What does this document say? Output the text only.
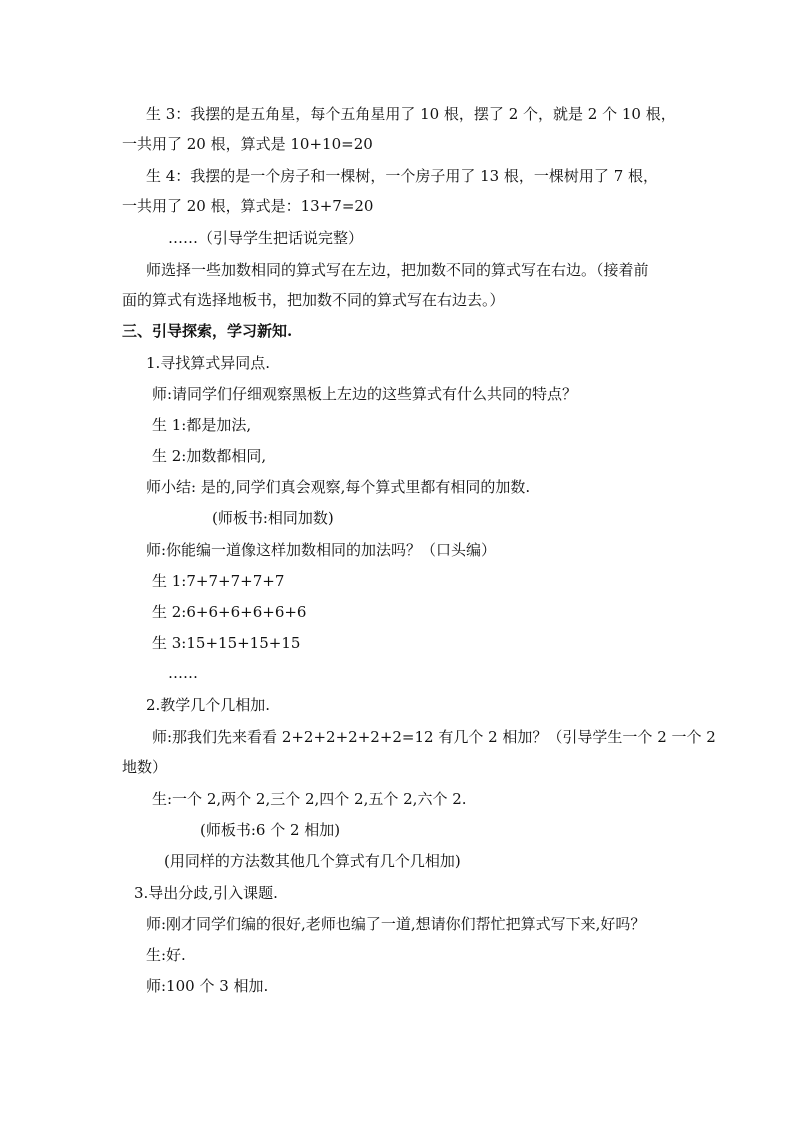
生 3：我摆的是五角星，每个五角星用了 10 根，摆了 2 个，就是 2 个 10 根，
一共用了 20 根，算式是 10+10=20
生 4：我摆的是一个房子和一棵树，一个房子用了 13 根，一棵树用了 7 根，
一共用了 20 根，算式是：13+7=20
……（引导学生把话说完整）
师选择一些加数相同的算式写在左边，把加数不同的算式写在右边。（接着前
面的算式有选择地板书，把加数不同的算式写在右边去。）
三、引导探索，学习新知.
1.寻找算式异同点.
师:请同学们仔细观察黑板上左边的这些算式有什么共同的特点？
生 1:都是加法,
生 2:加数都相同,
师小结: 是的,同学们真会观察,每个算式里都有相同的加数.
(师板书:相同加数)
师:你能编一道像这样加数相同的加法吗？（口头编）
生 1:7+7+7+7+7
生 2:6+6+6+6+6+6
生 3:15+15+15+15
……
2.教学几个几相加.
师:那我们先来看看 2+2+2+2+2+2=12 有几个 2 相加？（引导学生一个 2 一个 2
地数）
生:一个 2,两个 2,三个 2,四个 2,五个 2,六个 2.
(师板书:6 个 2 相加)
(用同样的方法数其他几个算式有几个几相加)
3.导出分歧,引入课题.
师:刚才同学们编的很好,老师也编了一道,想请你们帮忙把算式写下来,好吗？
生:好.
师:100 个 3 相加.
